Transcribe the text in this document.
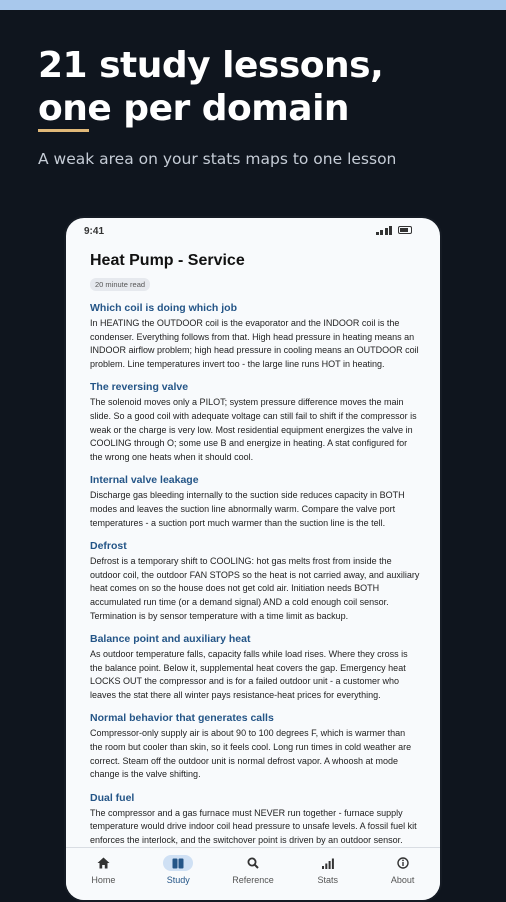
21 study lessons,
one per domain
A weak area on your stats maps to one lesson
9:41
Heat Pump - Service
20 minute read
Which coil is doing which job

In HEATING the OUTDOOR coil is the evaporator and the INDOOR coil is the condenser. Everything follows from that. High head pressure in heating means an INDOOR airflow problem; high head pressure in cooling means an OUTDOOR coil problem. Line temperatures invert too - the large line runs HOT in heating.

The reversing valve

The solenoid moves only a PILOT; system pressure difference moves the main slide. So a good coil with adequate voltage can still fail to shift if the compressor is weak or the charge is very low. Most residential equipment energizes the valve in COOLING through O; some use B and energize in heating. A stat configured for the wrong one heats when it should cool.

Internal valve leakage

Discharge gas bleeding internally to the suction side reduces capacity in BOTH modes and leaves the suction line abnormally warm. Compare the valve port temperatures - a suction port much warmer than the suction line is the tell.

Defrost

Defrost is a temporary shift to COOLING: hot gas melts frost from inside the outdoor coil, the outdoor FAN STOPS so the heat is not carried away, and auxiliary heat comes on so the house does not get cold air. Initiation needs BOTH accumulated run time (or a demand signal) AND a cold enough coil sensor. Termination is by sensor temperature with a time limit as backup.

Balance point and auxiliary heat

As outdoor temperature falls, capacity falls while load rises. Where they cross is the balance point. Below it, supplemental heat covers the gap. Emergency heat LOCKS OUT the compressor and is for a failed outdoor unit - a customer who leaves the stat there all winter pays resistance-heat prices for everything.

Normal behavior that generates calls

Compressor-only supply air is about 90 to 100 degrees F, which is warmer than the room but cooler than skin, so it feels cool. Long run times in cold weather are correct. Steam off the outdoor unit is normal defrost vapor. A whoosh at mode change is the valve shifting.

Dual fuel

The compressor and a gas furnace must NEVER run together - furnace supply temperature would drive indoor coil head pressure to unsafe levels. A fossil fuel kit enforces the interlock, and the switchover point is driven by an outdoor sensor.

Home	Study	Reference	Stats	About
